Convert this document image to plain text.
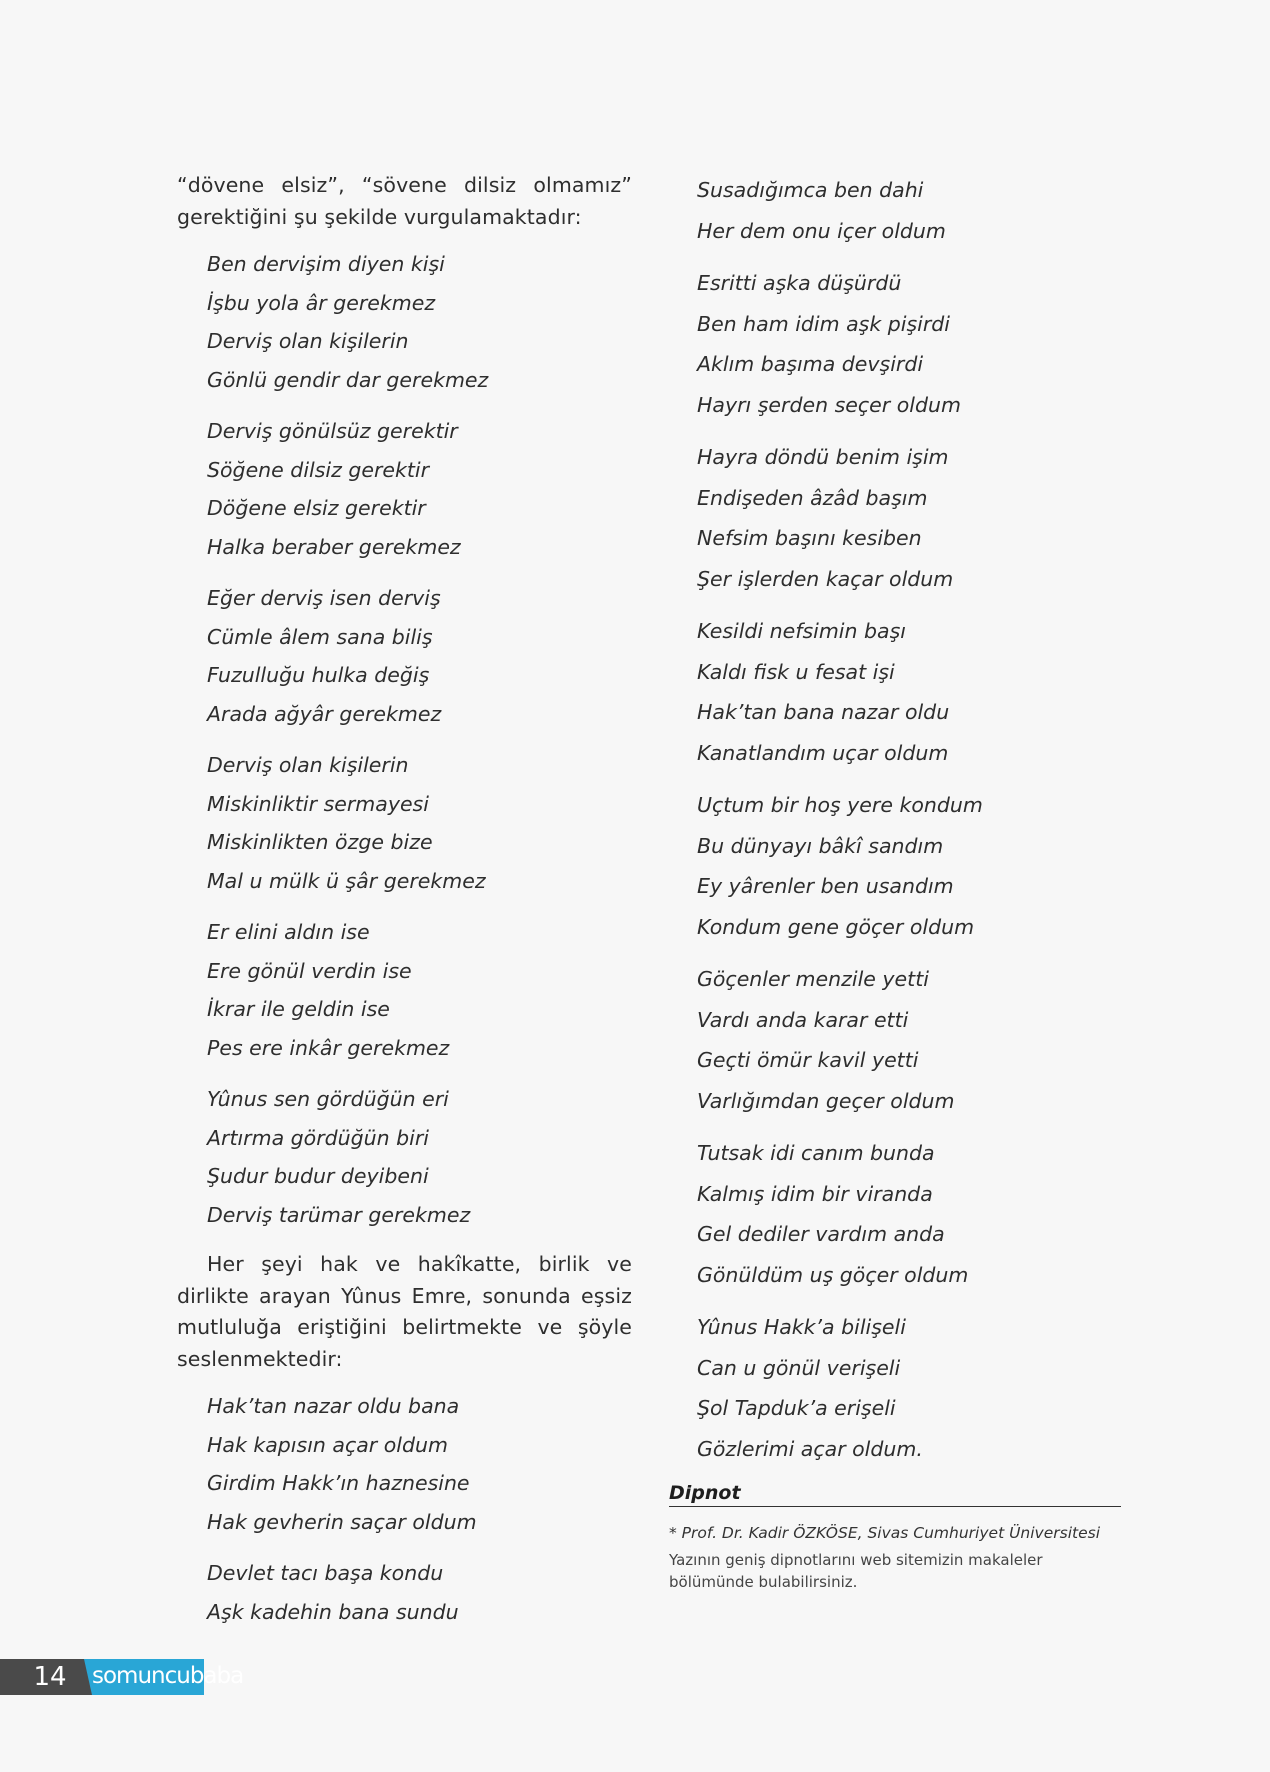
“dövene elsiz”, “sövene dilsiz olmamız” gerektiğini şu şekilde vurgulamaktadır:

Ben dervişim diyen kişi
İşbu yola âr gerekmez
Derviş olan kişilerin
Gönlü gendir dar gerekmez
Derviş gönülsüz gerektir
Söğene dilsiz gerektir
Döğene elsiz gerektir
Halka beraber gerekmez
Eğer derviş isen derviş
Cümle âlem sana biliş
Fuzulluğu hulka değiş
Arada ağyâr gerekmez
Derviş olan kişilerin
Miskinliktir sermayesi
Miskinlikten özge bize
Mal u mülk ü şâr gerekmez
Er elini aldın ise
Ere gönül verdin ise
İkrar ile geldin ise
Pes ere inkâr gerekmez
Yûnus sen gördüğün eri
Artırma gördüğün biri
Şudur budur deyibeni
Derviş tarümar gerekmez

Her şeyi hak ve hakîkatte, birlik ve dirlikte arayan Yûnus Emre, sonunda eşsiz mutluluğa eriştiğini belirtmekte ve şöyle seslenmektedir:

Hak’tan nazar oldu bana
Hak kapısın açar oldum
Girdim Hakk’ın haznesine
Hak gevherin saçar oldum
Devlet tacı başa kondu
Aşk kadehin bana sundu
Susadığımca ben dahi
Her dem onu içer oldum
Esritti aşka düşürdü
Ben ham idim aşk pişirdi
Aklım başıma devşirdi
Hayrı şerden seçer oldum
Hayra döndü benim işim
Endişeden âzâd başım
Nefsim başını kesiben
Şer işlerden kaçar oldum
Kesildi nefsimin başı
Kaldı fisk u fesat işi
Hak’tan bana nazar oldu
Kanatlandım uçar oldum
Uçtum bir hoş yere kondum
Bu dünyayı bâkî sandım
Ey yârenler ben usandım
Kondum gene göçer oldum
Göçenler menzile yetti
Vardı anda karar etti
Geçti ömür kavil yetti
Varlığımdan geçer oldum
Tutsak idi canım bunda
Kalmış idim bir viranda
Gel dediler vardım anda
Gönüldüm uş göçer oldum
Yûnus Hakk’a bilişeli
Can u gönül verişeli
Şol Tapduk’a erişeli
Gözlerimi açar oldum.
Dipnot
* Prof. Dr. Kadir ÖZKÖSE, Sivas Cumhuriyet Üniversitesi
Yazının geniş dipnotlarını web sitemizin makaleler bölümünde bulabilirsiniz.
14	somuncubaba
